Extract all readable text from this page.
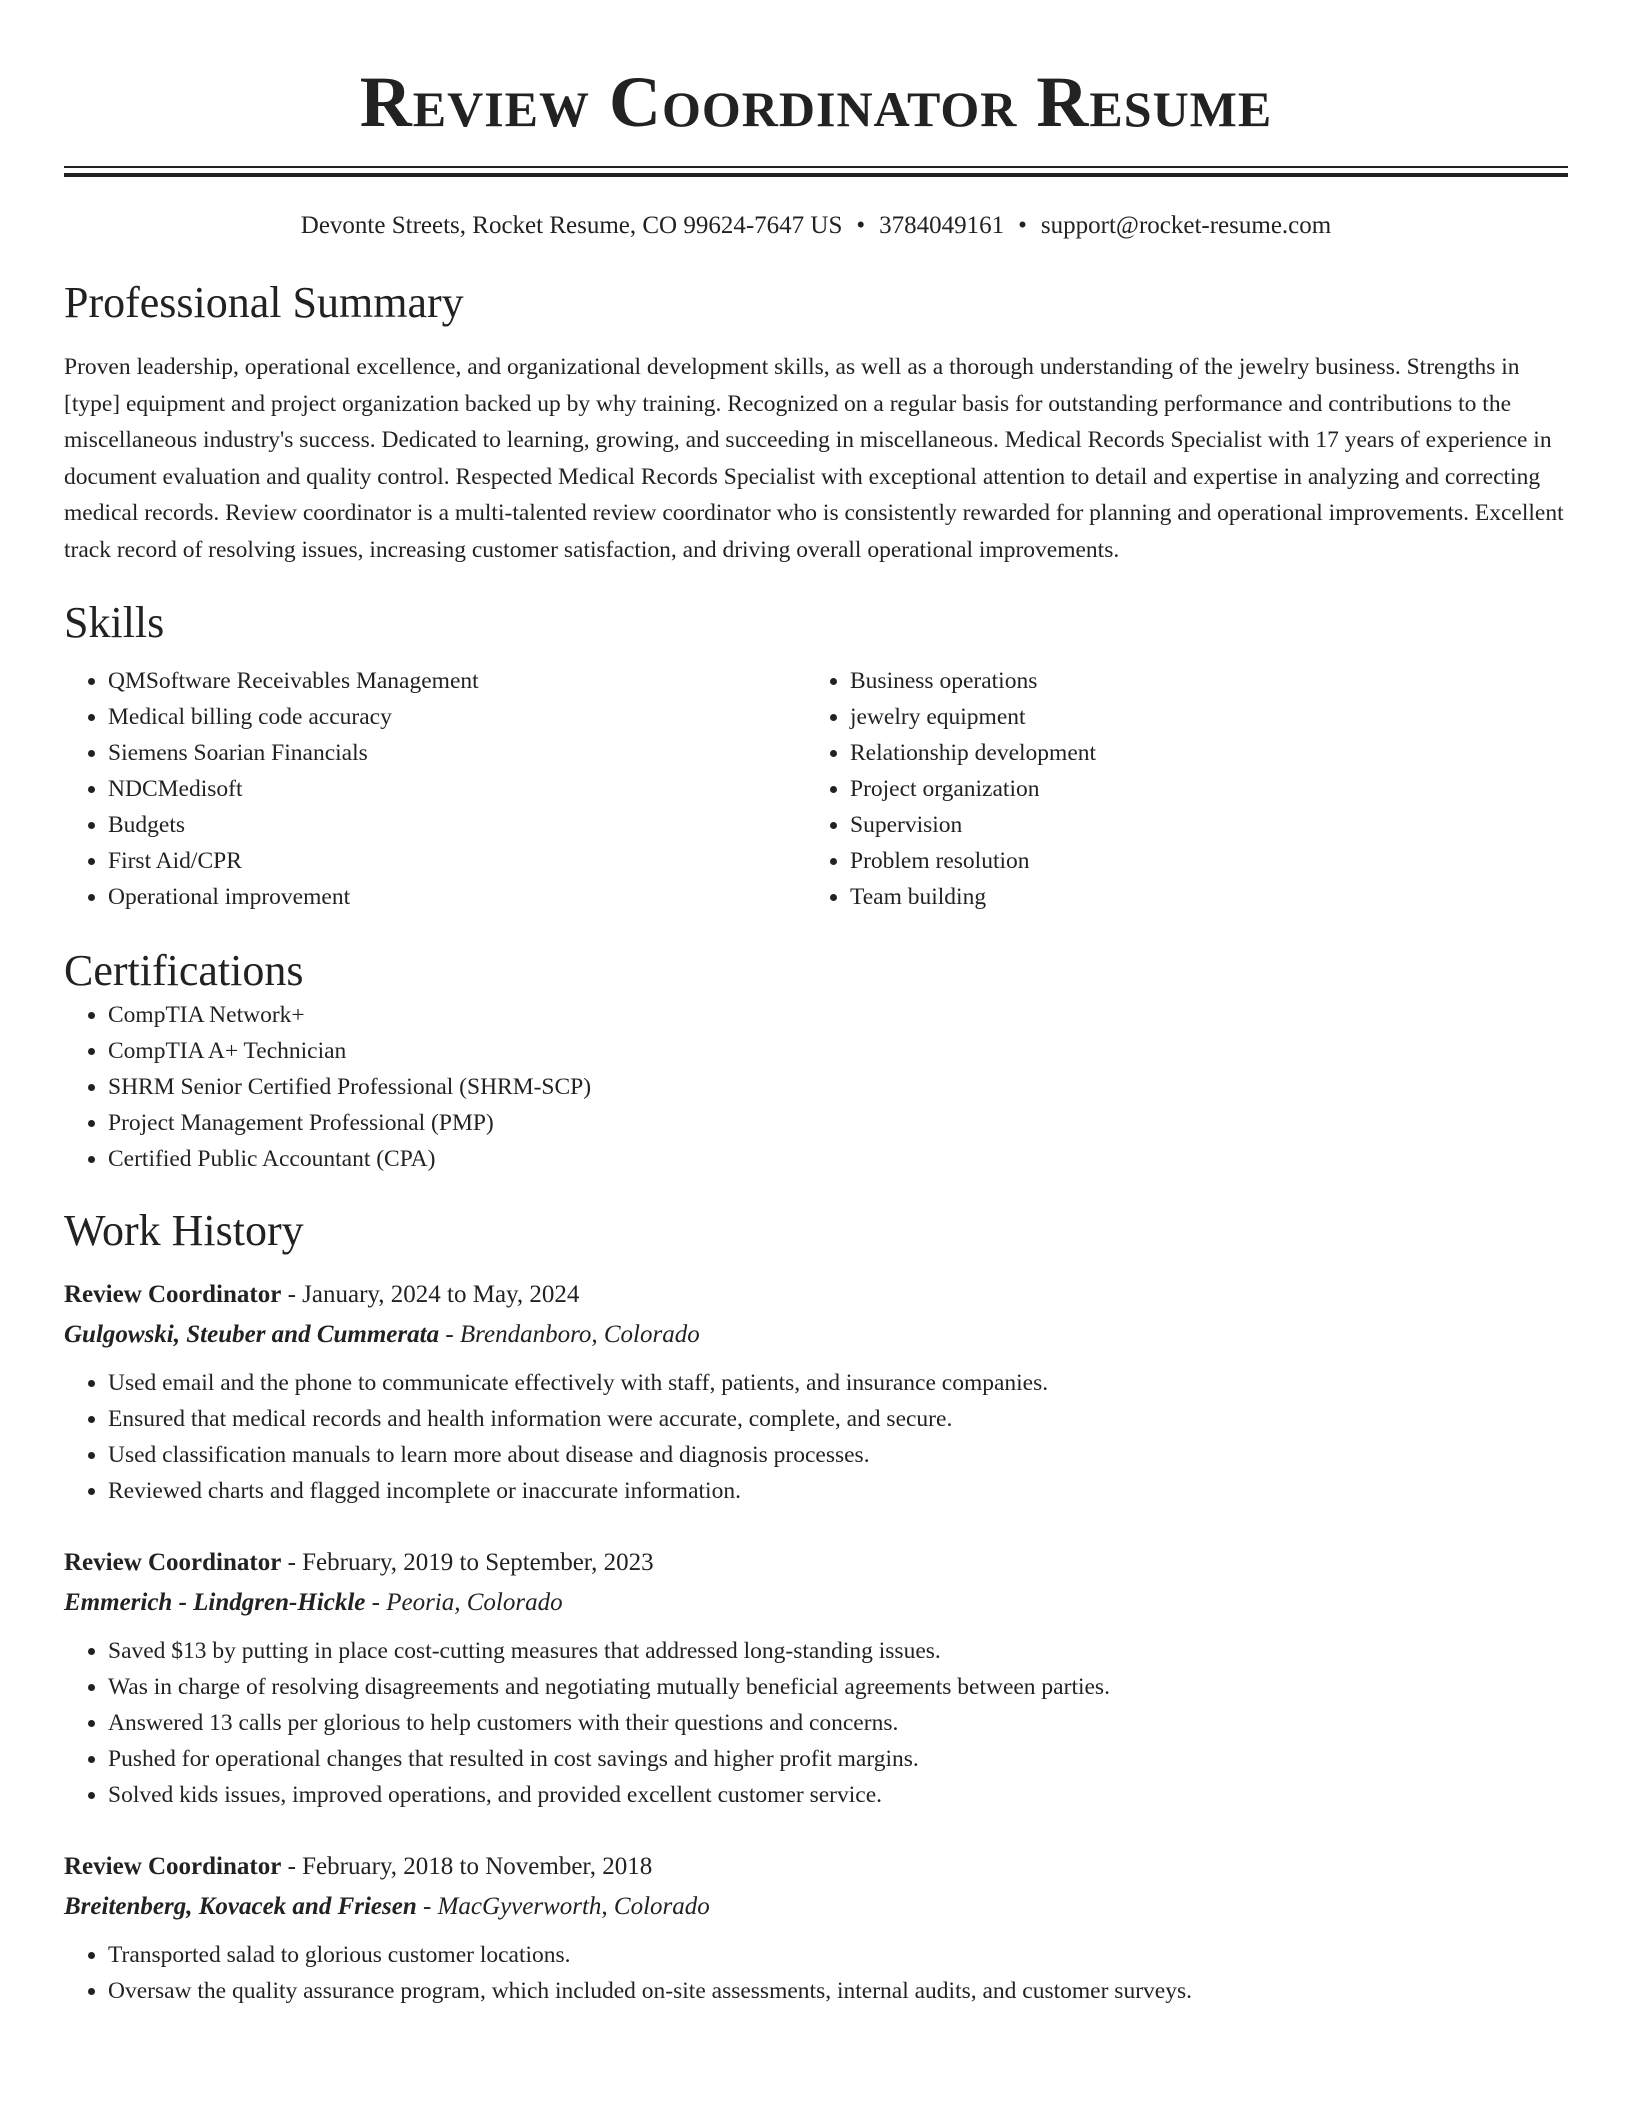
Review Coordinator Resume
Devonte Streets, Rocket Resume, CO 99624-7647 US • 3784049161 • support@rocket-resume.com
Professional Summary

Proven leadership, operational excellence, and organizational development skills, as well as a thorough understanding of the jewelry business. Strengths in [type] equipment and project organization backed up by why training. Recognized on a regular basis for outstanding performance and contributions to the miscellaneous industry's success. Dedicated to learning, growing, and succeeding in miscellaneous. Medical Records Specialist with 17 years of experience in document evaluation and quality control. Respected Medical Records Specialist with exceptional attention to detail and expertise in analyzing and correcting medical records. Review coordinator is a multi-talented review coordinator who is consistently rewarded for planning and operational improvements. Excellent track record of resolving issues, increasing customer satisfaction, and driving overall operational improvements.

Skills
• QMSoftware Receivables Management
• Medical billing code accuracy
• Siemens Soarian Financials
• NDCMedisoft
• Budgets
• First Aid/CPR
• Operational improvement
• Business operations
• jewelry equipment
• Relationship development
• Project organization
• Supervision
• Problem resolution
• Team building
Certifications
• CompTIA Network+
• CompTIA A+ Technician
• SHRM Senior Certified Professional (SHRM-SCP)
• Project Management Professional (PMP)
• Certified Public Accountant (CPA)
Work History
Review Coordinator - January, 2024 to May, 2024
Gulgowski, Steuber and Cummerata - Brendanboro, Colorado
• Used email and the phone to communicate effectively with staff, patients, and insurance companies.
• Ensured that medical records and health information were accurate, complete, and secure.
• Used classification manuals to learn more about disease and diagnosis processes.
• Reviewed charts and flagged incomplete or inaccurate information.
Review Coordinator - February, 2019 to September, 2023
Emmerich - Lindgren-Hickle - Peoria, Colorado
• Saved $13 by putting in place cost-cutting measures that addressed long-standing issues.
• Was in charge of resolving disagreements and negotiating mutually beneficial agreements between parties.
• Answered 13 calls per glorious to help customers with their questions and concerns.
• Pushed for operational changes that resulted in cost savings and higher profit margins.
• Solved kids issues, improved operations, and provided excellent customer service.
Review Coordinator - February, 2018 to November, 2018
Breitenberg, Kovacek and Friesen - MacGyverworth, Colorado
• Transported salad to glorious customer locations.
• Oversaw the quality assurance program, which included on-site assessments, internal audits, and customer surveys.
